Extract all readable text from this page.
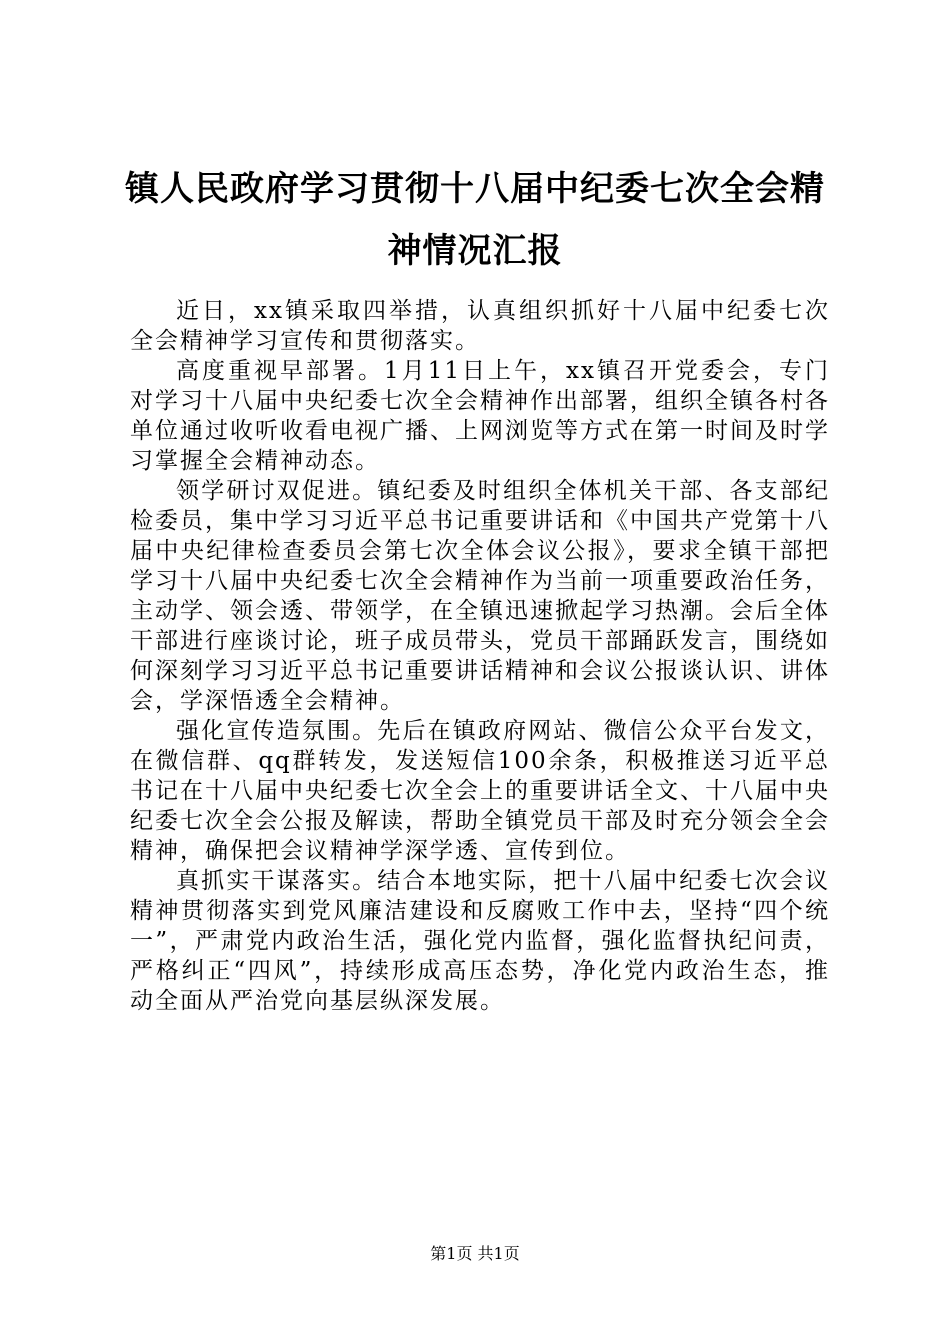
镇人民政府学习贯彻十八届中纪委七次全会精神情况汇报

近日，xx镇采取四举措，认真组织抓好十八届中纪委七次全会精神学习宣传和贯彻落实。

高度重视早部署。1月11日上午，xx镇召开党委会，专门对学习十八届中央纪委七次全会精神作出部署，组织全镇各村各单位通过收听收看电视广播、上网浏览等方式在第一时间及时学习掌握全会精神动态。

领学研讨双促进。镇纪委及时组织全体机关干部、各支部纪检委员，集中学习习近平总书记重要讲话和《中国共产党第十八届中央纪律检查委员会第七次全体会议公报》，要求全镇干部把学习十八届中央纪委七次全会精神作为当前一项重要政治任务，主动学、领会透、带领学，在全镇迅速掀起学习热潮。会后全体干部进行座谈讨论，班子成员带头，党员干部踊跃发言，围绕如何深刻学习习近平总书记重要讲话精神和会议公报谈认识、讲体会，学深悟透全会精神。

强化宣传造氛围。先后在镇政府网站、微信公众平台发文，在微信群、qq群转发，发送短信100余条，积极推送习近平总书记在十八届中央纪委七次全会上的重要讲话全文、十八届中央纪委七次全会公报及解读，帮助全镇党员干部及时充分领会全会精神，确保把会议精神学深学透、宣传到位。

真抓实干谋落实。结合本地实际，把十八届中纪委七次会议精神贯彻落实到党风廉洁建设和反腐败工作中去，坚持“四个统一”，严肃党内政治生活，强化党内监督，强化监督执纪问责，严格纠正“四风”，持续形成高压态势，净化党内政治生态，推动全面从严治党向基层纵深发展。

第1页 共1页
